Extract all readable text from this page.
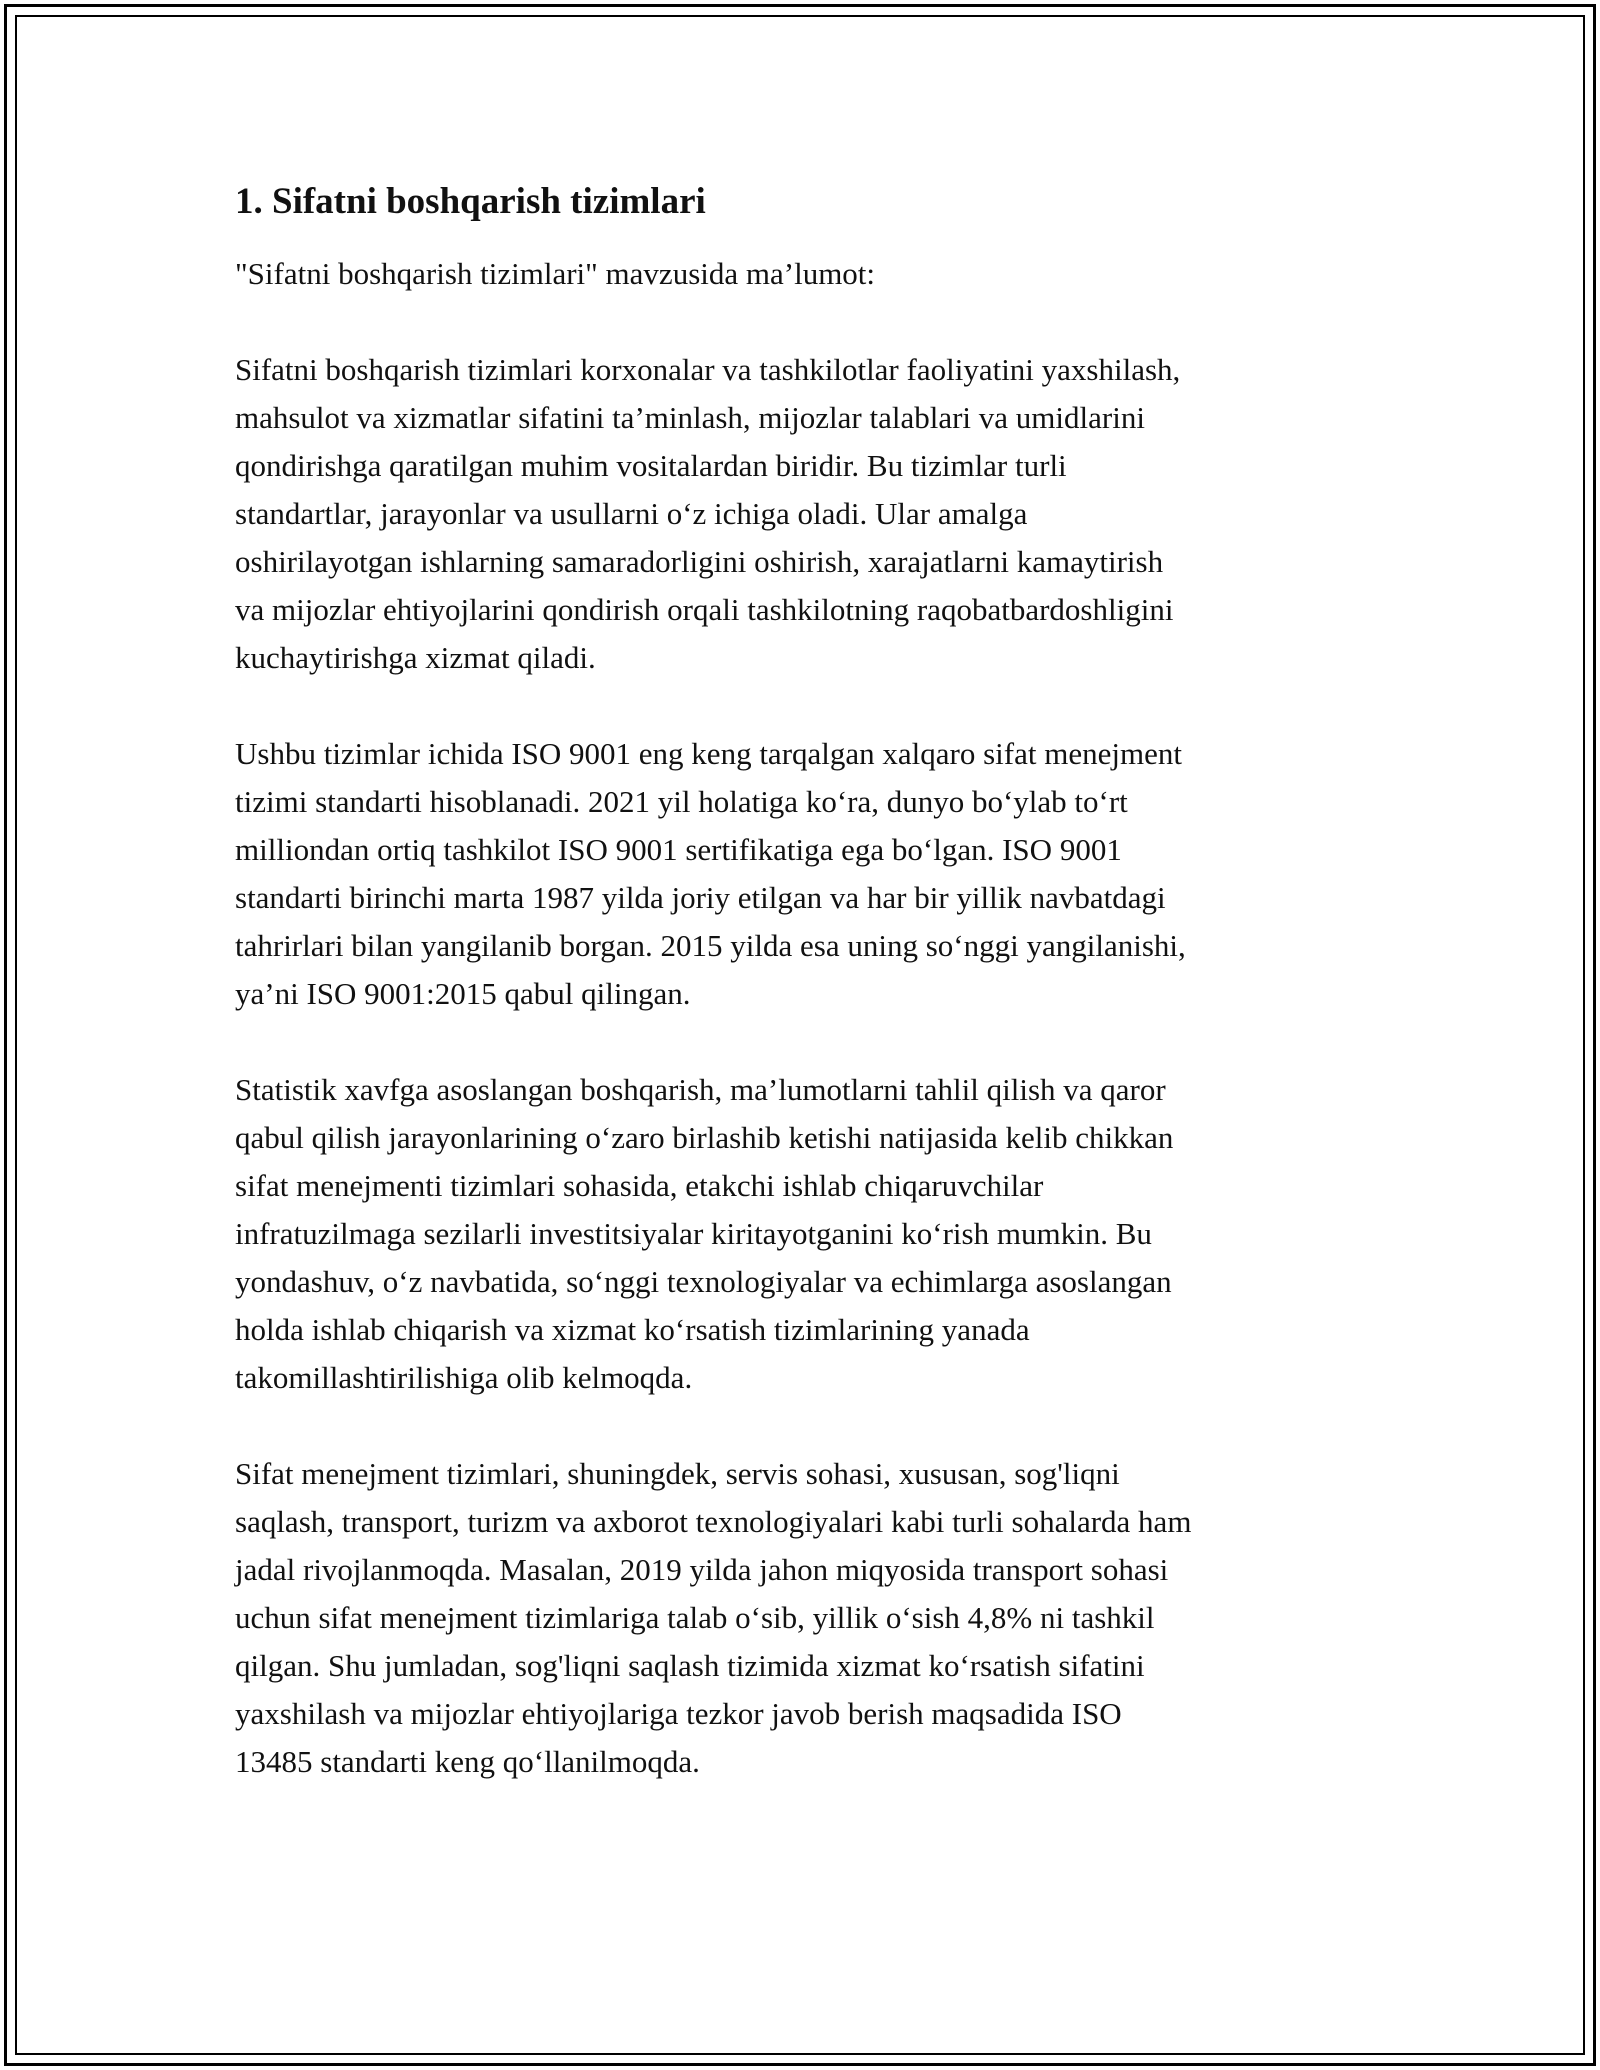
1. Sifatni boshqarish tizimlari

"Sifatni boshqarish tizimlari" mavzusida ma’lumot:

Sifatni boshqarish tizimlari korxonalar va tashkilotlar faoliyatini yaxshilash,
mahsulot va xizmatlar sifatini ta’minlash, mijozlar talablari va umidlarini
qondirishga qaratilgan muhim vositalardan biridir. Bu tizimlar turli
standartlar, jarayonlar va usullarni o‘z ichiga oladi. Ular amalga
oshirilayotgan ishlarning samaradorligini oshirish, xarajatlarni kamaytirish
va mijozlar ehtiyojlarini qondirish orqali tashkilotning raqobatbardoshligini
kuchaytirishga xizmat qiladi.

Ushbu tizimlar ichida ISO 9001 eng keng tarqalgan xalqaro sifat menejment
tizimi standarti hisoblanadi. 2021 yil holatiga ko‘ra, dunyo bo‘ylab to‘rt
milliondan ortiq tashkilot ISO 9001 sertifikatiga ega bo‘lgan. ISO 9001
standarti birinchi marta 1987 yilda joriy etilgan va har bir yillik navbatdagi
tahrirlari bilan yangilanib borgan. 2015 yilda esa uning so‘nggi yangilanishi,
ya’ni ISO 9001:2015 qabul qilingan.

Statistik xavfga asoslangan boshqarish, ma’lumotlarni tahlil qilish va qaror
qabul qilish jarayonlarining o‘zaro birlashib ketishi natijasida kelib chikkan
sifat menejmenti tizimlari sohasida, etakchi ishlab chiqaruvchilar
infratuzilmaga sezilarli investitsiyalar kiritayotganini ko‘rish mumkin. Bu
yondashuv, o‘z navbatida, so‘nggi texnologiyalar va echimlarga asoslangan
holda ishlab chiqarish va xizmat ko‘rsatish tizimlarining yanada
takomillashtirilishiga olib kelmoqda.

Sifat menejment tizimlari, shuningdek, servis sohasi, xususan, sog'liqni
saqlash, transport, turizm va axborot texnologiyalari kabi turli sohalarda ham
jadal rivojlanmoqda. Masalan, 2019 yilda jahon miqyosida transport sohasi
uchun sifat menejment tizimlariga talab o‘sib, yillik o‘sish 4,8% ni tashkil
qilgan. Shu jumladan, sog'liqni saqlash tizimida xizmat ko‘rsatish sifatini
yaxshilash va mijozlar ehtiyojlariga tezkor javob berish maqsadida ISO
13485 standarti keng qo‘llanilmoqda.
